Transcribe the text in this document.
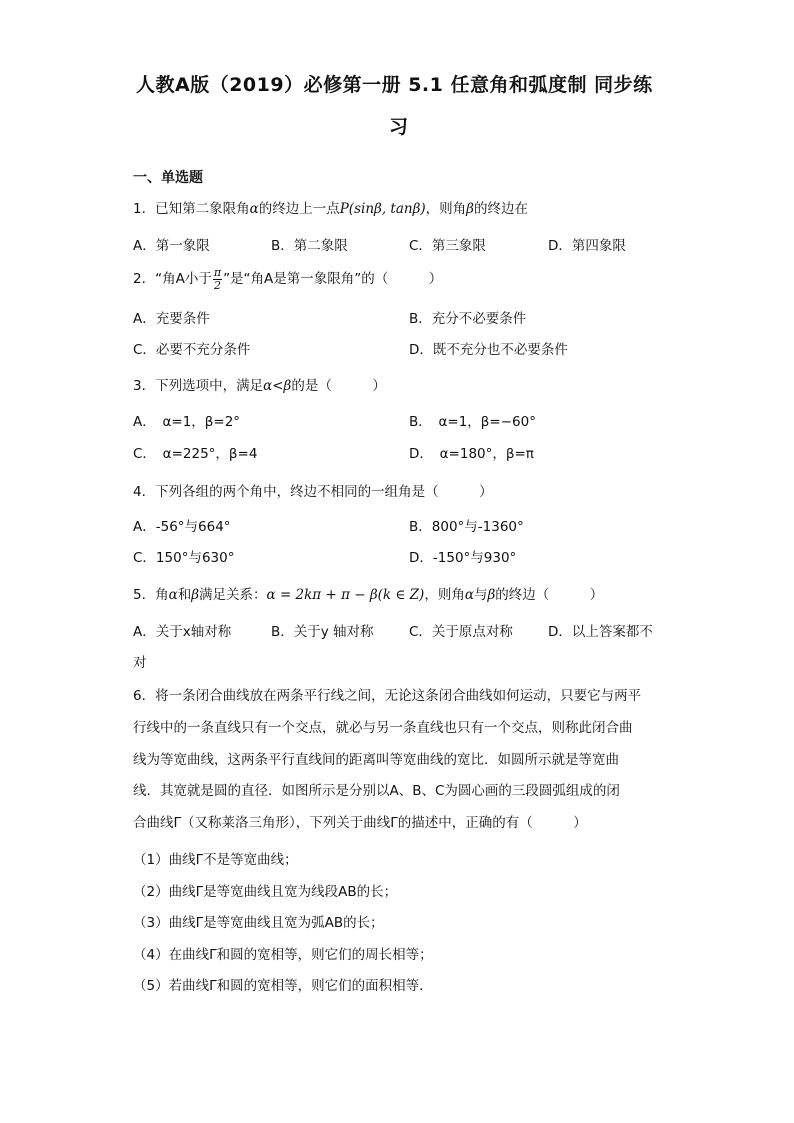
人教A版（2019）必修第一册 5.1 任意角和弧度制 同步练
习
一、单选题
1．已知第二象限角α的终边上一点P(sinβ, tanβ)，则角β的终边在
A．第一象限	B．第二象限	C．第三象限	D．第四象限
2．“角A小于 $\frac{\pi}{2}$ ”是“角A是第一象限角”的（　　　）
A．充要条件	B．充分不必要条件
C．必要不充分条件	D．既不充分也不必要条件
3．下列选项中，满足α<β的是（　　　）
A．　α=1，β=2°	B．　α=1，β=−60°
C．　α=225°，β=4	D．　α=180°，β=π
4．下列各组的两个角中，终边不相同的一组角是（　　　）
A．-56°与664°	B．800°与-1360°
C．150°与630°	D．-150°与930°
5．角α和β满足关系：α = 2kπ + π − β(k ∈ Z)，则角α与β的终边（　　　）
A．关于x轴对称	B．关于y 轴对称	C．关于原点对称	D．以上答案都不
对
6．将一条闭合曲线放在两条平行线之间，无论这条闭合曲线如何运动，只要它与两平
行线中的一条直线只有一个交点，就必与另一条直线也只有一个交点，则称此闭合曲
线为等宽曲线，这两条平行直线间的距离叫等宽曲线的宽比．如圆所示就是等宽曲
线．其宽就是圆的直径．如图所示是分别以A、B、C为圆心画的三段圆弧组成的闭
合曲线Γ（又称莱洛三角形），下列关于曲线Γ的描述中，正确的有（　　　）
（1）曲线Γ不是等宽曲线；
（2）曲线Γ是等宽曲线且宽为线段AB的长；
（3）曲线Γ是等宽曲线且宽为弧AB的长；
（4）在曲线Γ和圆的宽相等，则它们的周长相等；
（5）若曲线Γ和圆的宽相等，则它们的面积相等．
